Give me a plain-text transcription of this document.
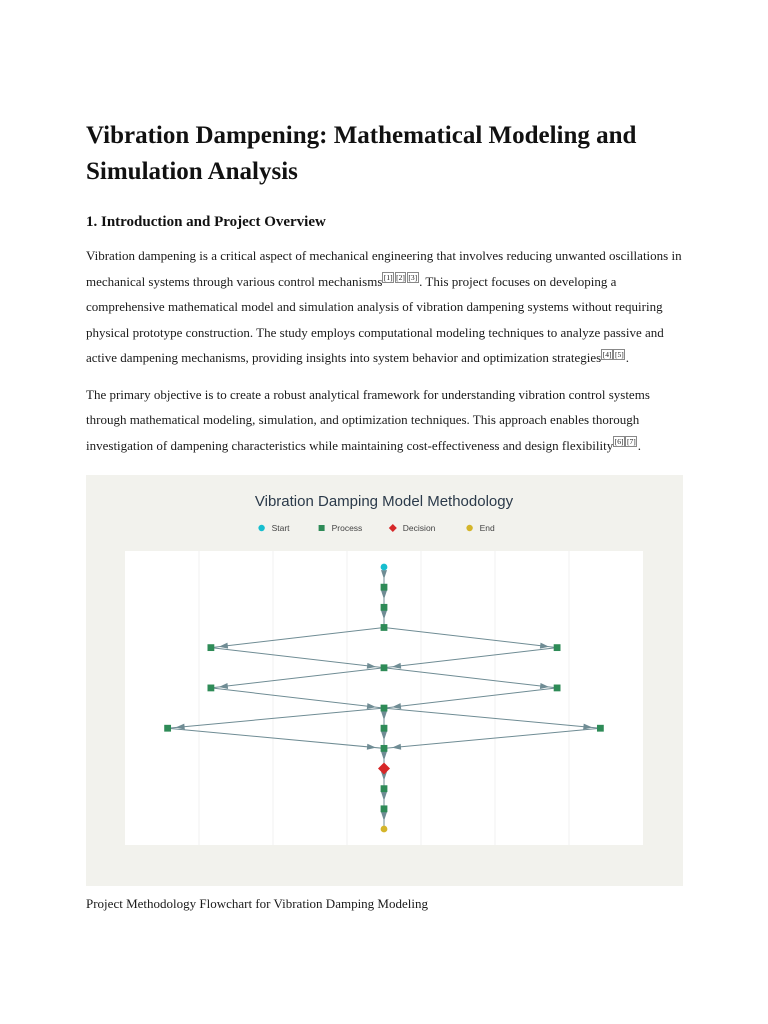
Vibration Dampening: Mathematical Modeling and Simulation Analysis
1. Introduction and Project Overview

Vibration dampening is a critical aspect of mechanical engineering that involves reducing unwanted oscillations in mechanical systems through various control mechanisms [1] [2] [3] . This project focuses on developing a comprehensive mathematical model and simulation analysis of vibration dampening systems without requiring physical prototype construction. The study employs computational modeling techniques to analyze passive and active dampening mechanisms, providing insights into system behavior and optimization strategies [4] [5] .

The primary objective is to create a robust analytical framework for understanding vibration control systems through mathematical modeling, simulation, and optimization techniques. This approach enables thorough investigation of dampening characteristics while maintaining cost-effectiveness and design flexibility [6] [7] .

Vibration Damping Model Methodology
Start	Process	Decision	End
Project Methodology Flowchart for Vibration Damping Modeling
